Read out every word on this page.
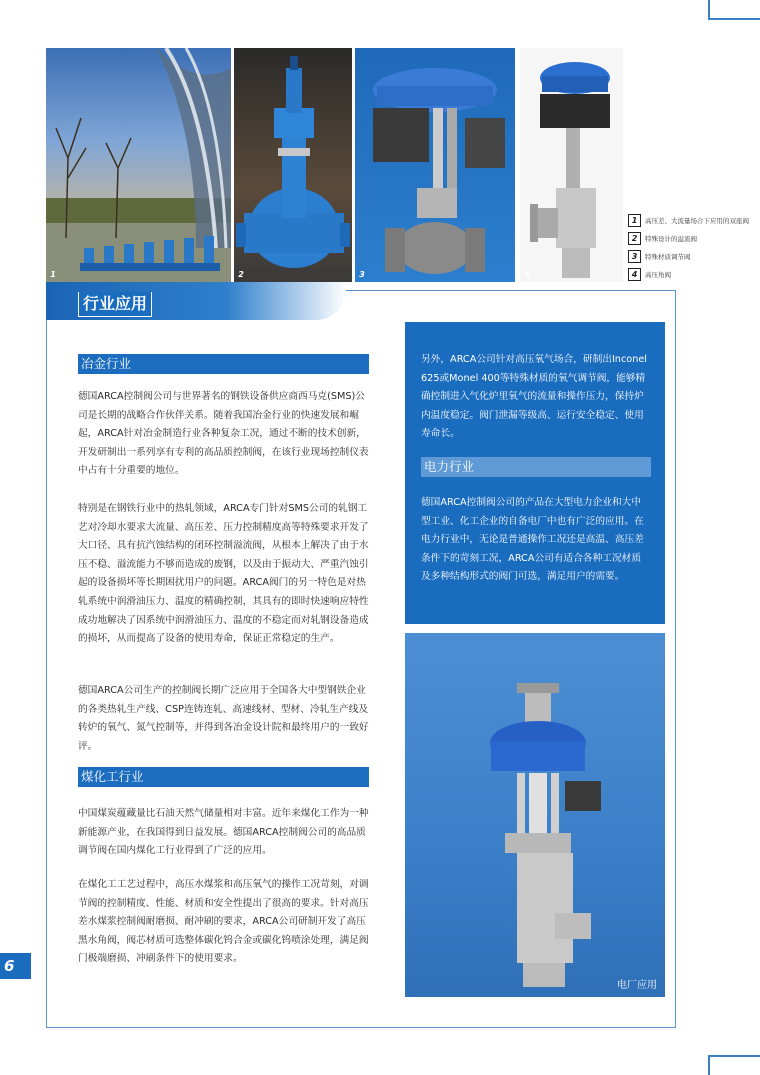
1	2	3	4
1	高压差、大流量场合下应用的双座阀
2	特殊设计的溢流阀
3	特殊材质调节阀
4	高压角阀
行业应用
冶金行业

德国ARCA控制阀公司与世界著名的钢铁设备供应商西马克(SMS)公司是长期的战略合作伙伴关系。随着我国冶金行业的快速发展和崛起，ARCA针对冶金制造行业各种复杂工况，通过不断的技术创新，开发研制出一系列享有专利的高品质控制阀，在该行业现场控制仪表中占有十分重要的地位。

特别是在钢铁行业中的热轧领域，ARCA专门针对SMS公司的轧钢工艺对冷却水要求大流量、高压差、压力控制精度高等特殊要求开发了大口径、具有抗汽蚀结构的闭环控制溢流阀，从根本上解决了由于水压不稳、溢流能力不够而造成的废钢，以及由于振动大、严重汽蚀引起的设备损坏等长期困扰用户的问题。ARCA阀门的另一特色是对热轧系统中润滑油压力、温度的精确控制，其具有的即时快速响应特性成功地解决了因系统中润滑油压力、温度的不稳定而对轧钢设备造成的损坏，从而提高了设备的使用寿命，保证正常稳定的生产。

德国ARCA公司生产的控制阀长期广泛应用于全国各大中型钢铁企业的各类热轧生产线、CSP连铸连轧、高速线材、型材、冷轧生产线及转炉的氧气、氮气控制等，并得到各冶金设计院和最终用户的一致好评。

煤化工行业

中国煤炭蕴藏量比石油天然气储量相对丰富。近年来煤化工作为一种新能源产业，在我国得到日益发展。德国ARCA控制阀公司的高品质调节阀在国内煤化工行业得到了广泛的应用。

在煤化工工艺过程中，高压水煤浆和高压氧气的操作工况苛刻，对调节阀的控制精度、性能、材质和安全性提出了很高的要求。针对高压差水煤浆控制阀耐磨损、耐冲刷的要求，ARCA公司研制开发了高压黑水角阀，阀芯材质可选整体碳化钨合金或碳化钨喷涂处理，满足阀门极端磨损、冲刷条件下的使用要求。

另外，ARCA公司针对高压氧气场合，研制出Inconel 625或Monel 400等特殊材质的氧气调节阀，能够精确控制进入气化炉里氧气的流量和操作压力，保持炉内温度稳定。阀门泄漏等级高、运行安全稳定、使用寿命长。
电力行业
德国ARCA控制阀公司的产品在大型电力企业和大中型工业、化工企业的自备电厂中也有广泛的应用。在电力行业中，无论是普通操作工况还是高温、高压差条件下的苛刻工况，ARCA公司有适合各种工况材质及多种结构形式的阀门可选，满足用户的需要。
电厂应用
6
